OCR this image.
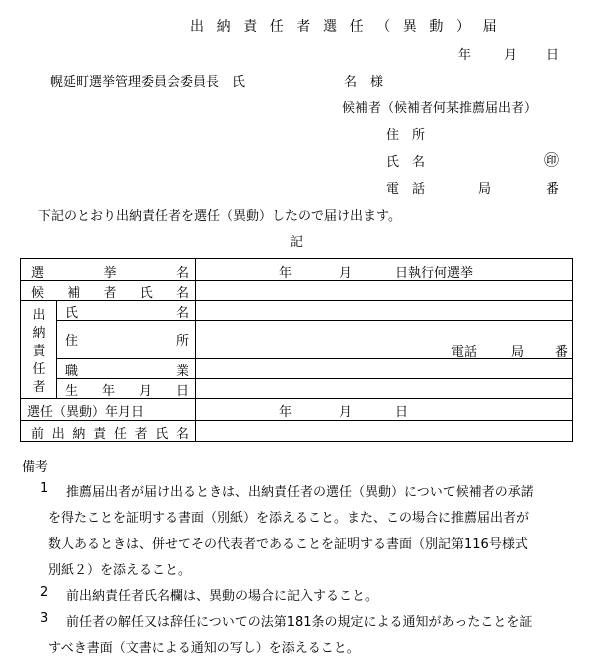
出納責任者選任（異動）届
年	月 日
幌延町選挙管理委員会委員長　氏	名　様
候補者（候補者何某推薦届出者）
住　所
氏　名	㊞
電　話	局	番
下記のとおり出納責任者を選任（異動）したので届け出ます。
記
選	挙	名	年	月	日執行何選挙
候 補 者 氏 名
出
納
責
任
者
氏	名
住	所
電話	局 番
職	業
生 年 月 日
選任（異動）年月日	年	月	日
前 出 納 責 任 者 氏 名
備考
1 推薦届出者が届け出るときは、出納責任者の選任（異動）について候補者の承諾
を得たことを証明する書面（別紙）を添えること。また、この場合に推薦届出者が
数人あるときは、併せてその代表者であることを証明する書面（別記第116号様式
別紙２）を添えること。
2 前出納責任者氏名欄は、異動の場合に記入すること。
3 前任者の解任又は辞任についての法第181条の規定による通知があったことを証
すべき書面（文書による通知の写し）を添えること。
